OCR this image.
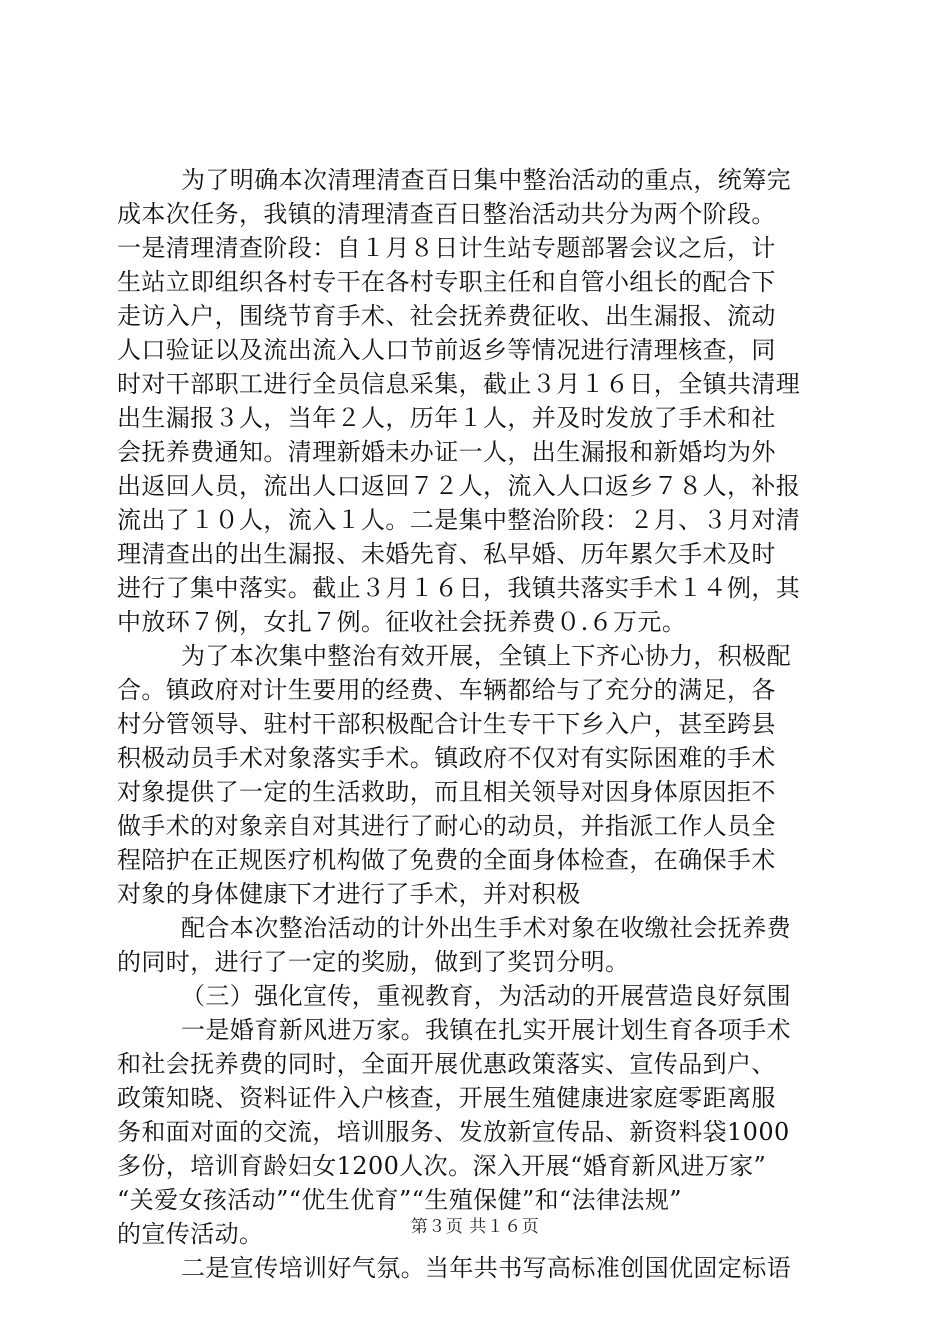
为了明确本次清理清查百日集中整治活动的重点，统筹完
成本次任务，我镇的清理清查百日整治活动共分为两个阶段。
一是清理清查阶段：自１月８日计生站专题部署会议之后，计
生站立即组织各村专干在各村专职主任和自管小组长的配合下
走访入户，围绕节育手术、社会抚养费征收、出生漏报、流动
人口验证以及流出流入人口节前返乡等情况进行清理核查，同
时对干部职工进行全员信息采集，截止３月１６日，全镇共清理
出生漏报３人，当年２人，历年１人，并及时发放了手术和社
会抚养费通知。清理新婚未办证一人，出生漏报和新婚均为外
出返回人员，流出人口返回７２人，流入人口返乡７８人，补报
流出了１０人，流入１人。二是集中整治阶段：２月、３月对清
理清查出的出生漏报、未婚先育、私早婚、历年累欠手术及时
进行了集中落实。截止３月１６日，我镇共落实手术１４例，其
中放环７例，女扎７例。征收社会抚养费０.６万元。
为了本次集中整治有效开展，全镇上下齐心协力，积极配
合。镇政府对计生要用的经费、车辆都给与了充分的满足，各
村分管领导、驻村干部积极配合计生专干下乡入户，甚至跨县
积极动员手术对象落实手术。镇政府不仅对有实际困难的手术
对象提供了一定的生活救助，而且相关领导对因身体原因拒不
做手术的对象亲自对其进行了耐心的动员，并指派工作人员全
程陪护在正规医疗机构做了免费的全面身体检查，在确保手术
对象的身体健康下才进行了手术，并对积极
配合本次整治活动的计外出生手术对象在收缴社会抚养费
的同时，进行了一定的奖励，做到了奖罚分明。
（三）强化宣传，重视教育，为活动的开展营造良好氛围
一是婚育新风进万家。我镇在扎实开展计划生育各项手术
和社会抚养费的同时，全面开展优惠政策落实、宣传品到户、
政策知晓、资料证件入户核查，开展生殖健康进家庭零距离服
务和面对面的交流，培训服务、发放新宣传品、新资料袋1000
多份，培训育龄妇女1200人次。深入开展“婚育新风进万家”
“关爱女孩活动”“优生优育”“生殖保健”和“法律法规”
的宣传活动。
二是宣传培训好气氛。当年共书写高标准创国优固定标语
第３页 共１６页
